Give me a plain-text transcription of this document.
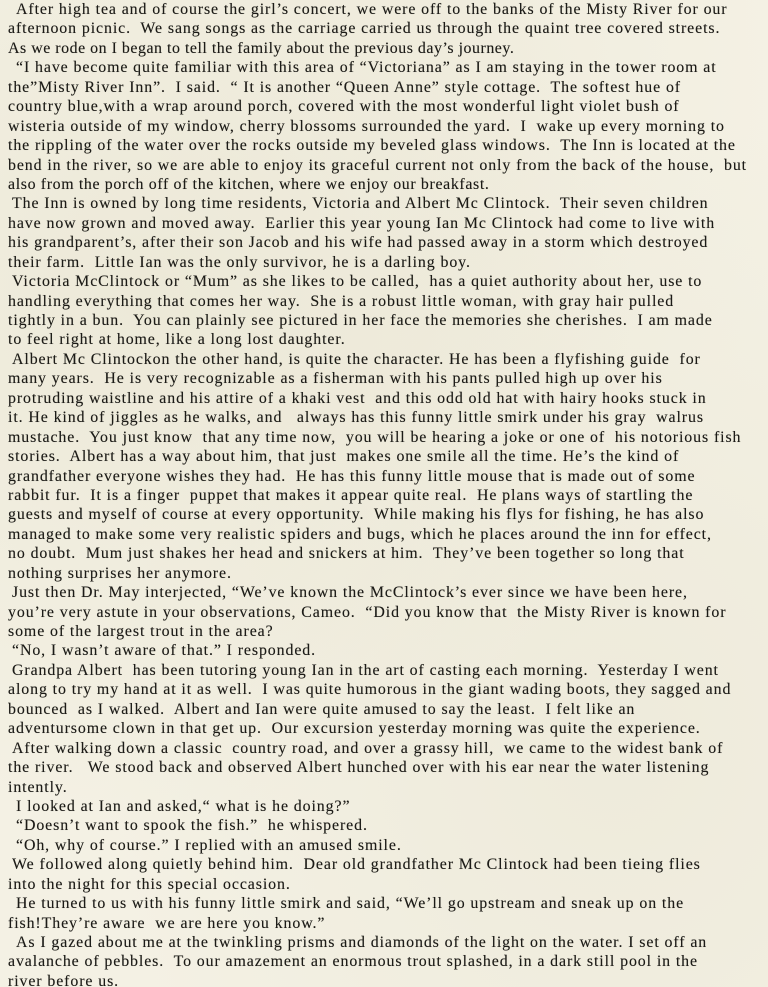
After high tea and of course the girl’s concert, we were off to the banks of the Misty River for our
afternoon picnic.  We sang songs as the carriage carried us through the quaint tree covered streets.
As we rode on I began to tell the family about the previous day’s journey.
“I have become quite familiar with this area of “Victoriana” as I am staying in the tower room at
the”Misty River Inn”.  I said.  “ It is another “Queen Anne” style cottage.  The softest hue of
country blue,with a wrap around porch, covered with the most wonderful light violet bush of
wisteria outside of my window, cherry blossoms surrounded the yard.  I  wake up every morning to
the rippling of the water over the rocks outside my beveled glass windows.  The Inn is located at the
bend in the river, so we are able to enjoy its graceful current not only from the back of the house,  but
also from the porch off of the kitchen, where we enjoy our breakfast.
The Inn is owned by long time residents, Victoria and Albert Mc Clintock.  Their seven children
have now grown and moved away.  Earlier this year young Ian Mc Clintock had come to live with
his grandparent’s, after their son Jacob and his wife had passed away in a storm which destroyed
their farm.  Little Ian was the only survivor, he is a darling boy.
Victoria McClintock or “Mum” as she likes to be called,  has a quiet authority about her, use to
handling everything that comes her way.  She is a robust little woman, with gray hair pulled
tightly in a bun.  You can plainly see pictured in her face the memories she cherishes.  I am made
to feel right at home, like a long lost daughter.
Albert Mc Clintockon the other hand, is quite the character. He has been a flyfishing guide  for
many years.  He is very recognizable as a fisherman with his pants pulled high up over his
protruding waistline and his attire of a khaki vest  and this odd old hat with hairy hooks stuck in
it. He kind of jiggles as he walks, and   always has this funny little smirk under his gray  walrus
mustache.  You just know  that any time now,  you will be hearing a joke or one of  his notorious fish
stories.  Albert has a way about him, that just  makes one smile all the time. He’s the kind of
grandfather everyone wishes they had.  He has this funny little mouse that is made out of some
rabbit fur.  It is a finger  puppet that makes it appear quite real.  He plans ways of startling the
guests and myself of course at every opportunity.  While making his flys for fishing, he has also
managed to make some very realistic spiders and bugs, which he places around the inn for effect,
no doubt.  Mum just shakes her head and snickers at him.  They’ve been together so long that
nothing surprises her anymore.
Just then Dr. May interjected, “We’ve known the McClintock’s ever since we have been here,
you’re very astute in your observations, Cameo.  “Did you know that  the Misty River is known for
some of the largest trout in the area?
“No, I wasn’t aware of that.” I responded.
Grandpa Albert  has been tutoring young Ian in the art of casting each morning.  Yesterday I went
along to try my hand at it as well.  I was quite humorous in the giant wading boots, they sagged and
bounced  as I walked.  Albert and Ian were quite amused to say the least.  I felt like an
adventursome clown in that get up.  Our excursion yesterday morning was quite the experience.
After walking down a classic  country road, and over a grassy hill,  we came to the widest bank of
the river.   We stood back and observed Albert hunched over with his ear near the water listening
intently.
I looked at Ian and asked,“ what is he doing?”
“Doesn’t want to spook the fish.”  he whispered.
“Oh, why of course.” I replied with an amused smile.
We followed along quietly behind him.  Dear old grandfather Mc Clintock had been tieing flies
into the night for this special occasion.
He turned to us with his funny little smirk and said, “We’ll go upstream and sneak up on the
fish!They’re aware  we are here you know.”
As I gazed about me at the twinkling prisms and diamonds of the light on the water. I set off an
avalanche of pebbles.  To our amazement an enormous trout splashed, in a dark still pool in the
river before us.
